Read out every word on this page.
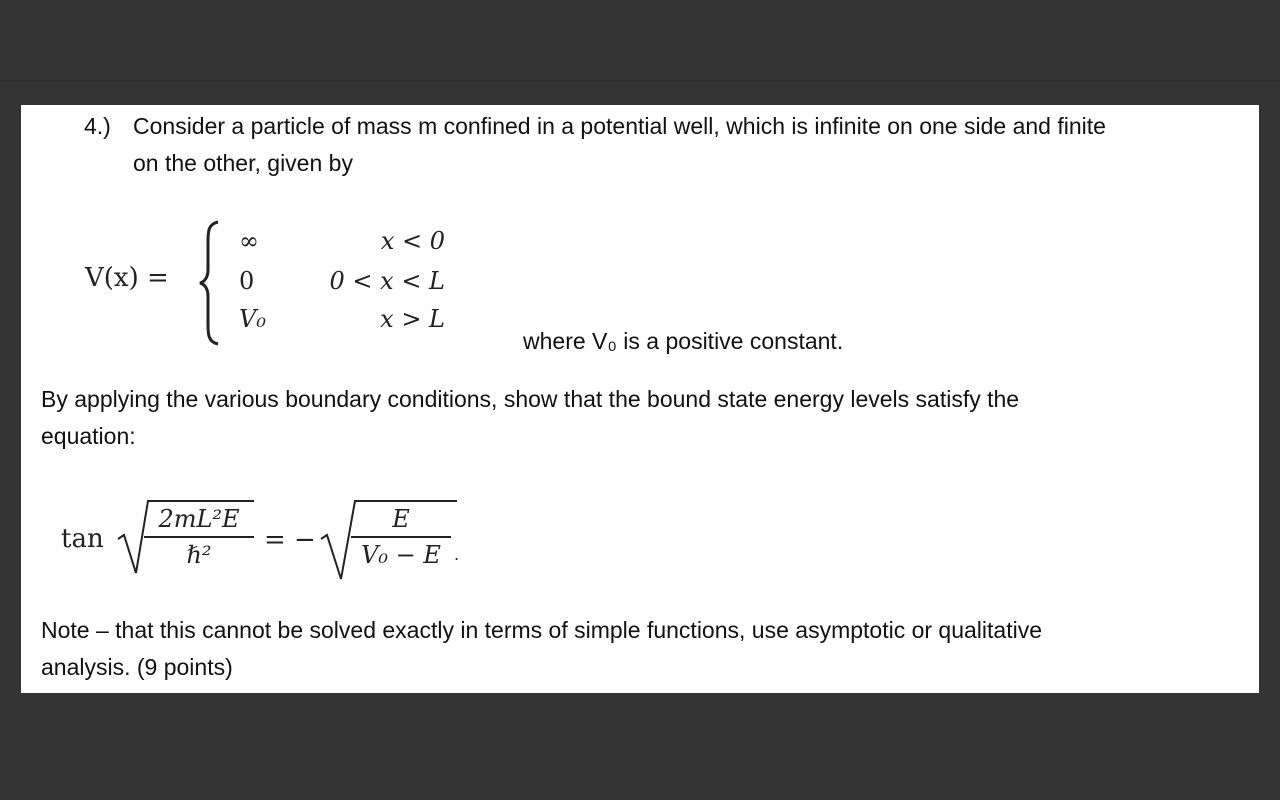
4.) Consider a particle of mass m confined in a potential well, which is infinite on one side and finite
on the other, given by
V(x) =
∞
0
V₀
x < 0
0 < x < L
x > L
where V₀ is a positive constant.
By applying the various boundary conditions, show that the bound state energy levels satisfy the
equation:
tan
2mL²E
ℏ²	= −
E
V₀ − E .
Note – that this cannot be solved exactly in terms of simple functions, use asymptotic or qualitative
analysis. (9 points)
